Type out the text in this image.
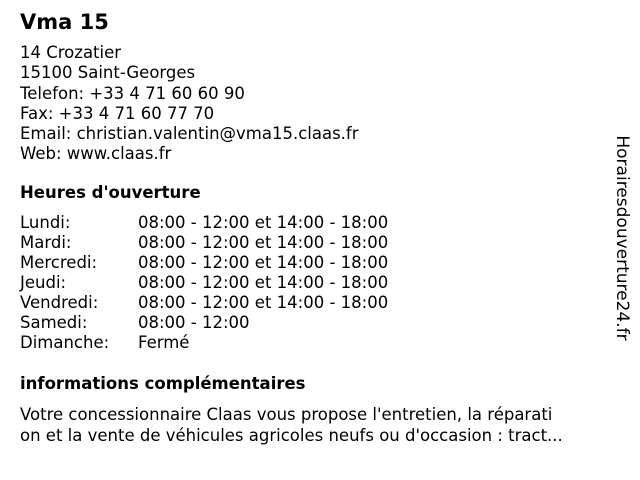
Vma 15
14 Crozatier
15100 Saint-Georges
Telefon: +33 4 71 60 60 90
Fax: +33 4 71 60 77 70
Email: christian.valentin@vma15.claas.fr
Web: www.claas.fr
Heures d'ouverture
Lundi:	08:00 - 12:00 et 14:00 - 18:00
Mardi:	08:00 - 12:00 et 14:00 - 18:00
Mercredi: 08:00 - 12:00 et 14:00 - 18:00
Jeudi:	08:00 - 12:00 et 14:00 - 18:00
Vendredi: 08:00 - 12:00 et 14:00 - 18:00
Samedi:	08:00 - 12:00
Dimanche: Fermé
informations complémentaires
Votre concessionnaire Claas vous propose l'entretien, la réparati
on et la vente de véhicules agricoles neufs ou d'occasion : tract...
Horairesdouverture24.fr
